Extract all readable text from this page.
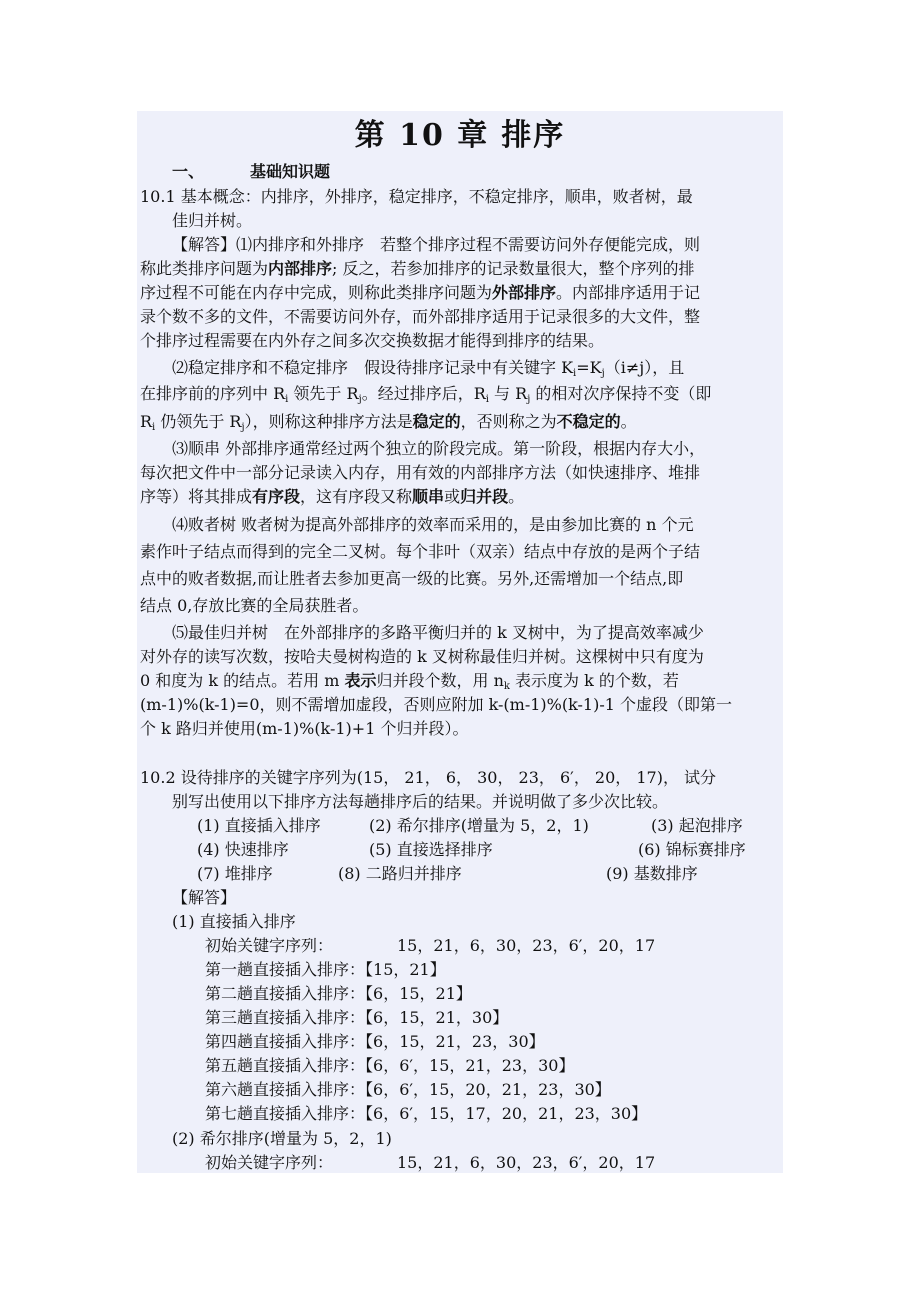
第 10 章 排序
一、	基础知识题
10.1 基本概念：内排序，外排序，稳定排序，不稳定排序，顺串，败者树，最
佳归并树。
【解答】⑴内排序和外排序　若整个排序过程不需要访问外存便能完成，则
称此类排序问题为内部排序; 反之，若参加排序的记录数量很大，整个序列的排
序过程不可能在内存中完成，则称此类排序问题为外部排序。内部排序适用于记
录个数不多的文件，不需要访问外存，而外部排序适用于记录很多的大文件，整
个排序过程需要在内外存之间多次交换数据才能得到排序的结果。
⑵稳定排序和不稳定排序　假设待排序记录中有关键字 $K_i=K_j(i\ne j)$，且
在排序前的序列中 $R_i$ 领先于 $R_j$。经过排序后，$R_i$ 与 $R_j$ 的相对次序保持不变（即
$R_i$ 仍领先于 $R_j$），则称这种排序方法是稳定的，否则称之为不稳定的。
⑶顺串 外部排序通常经过两个独立的阶段完成。第一阶段，根据内存大小，
每次把文件中一部分记录读入内存，用有效的内部排序方法（如快速排序、堆排
序等）将其排成有序段，这有序段又称顺串或归并段。
⑷败者树 败者树为提高外部排序的效率而采用的，是由参加比赛的 n 个元
素作叶子结点而得到的完全二叉树。每个非叶（双亲）结点中存放的是两个子结
点中的败者数据,而让胜者去参加更高一级的比赛。另外,还需增加一个结点,即
结点 0,存放比赛的全局获胜者。
⑸最佳归并树　在外部排序的多路平衡归并的 k 叉树中，为了提高效率减少
对外存的读写次数，按哈夫曼树构造的 k 叉树称最佳归并树。这棵树中只有度为
0 和度为 k 的结点。若用 m 表示归并段个数，用 $n_k$ 表示度为 k 的个数，若
(m-1)%(k-1)=0，则不需增加虚段，否则应附加 k-(m-1)%(k-1)-1 个虚段（即第一
个 k 路归并使用(m-1)%(k-1)+1 个归并段）。
10.2 设待排序的关键字序列为(15， 21， 6， 30， 23， 6′， 20， 17)， 试分
别写出使用以下排序方法每趟排序后的结果。并说明做了多少次比较。
(1) 直接插入排序	(2) 希尔排序(增量为 5，2，1)	(3) 起泡排序
(4) 快速排序	(5) 直接选择排序	(6) 锦标赛排序
(7) 堆排序	(8) 二路归并排序	(9) 基数排序
【解答】
(1) 直接插入排序
初始关键字序列：	15，21，6，30，23，6′，20，17
第一趟直接插入排序：【15，21】
第二趟直接插入排序：【6，15，21】
第三趟直接插入排序：【6，15，21，30】
第四趟直接插入排序：【6，15，21，23，30】
第五趟直接插入排序：【6，6′，15，21，23，30】
第六趟直接插入排序：【6，6′，15，20，21，23，30】
第七趟直接插入排序：【6，6′，15，17，20，21，23，30】
(2) 希尔排序(增量为 5，2，1)
初始关键字序列：	15，21，6，30，23，6′，20，17
